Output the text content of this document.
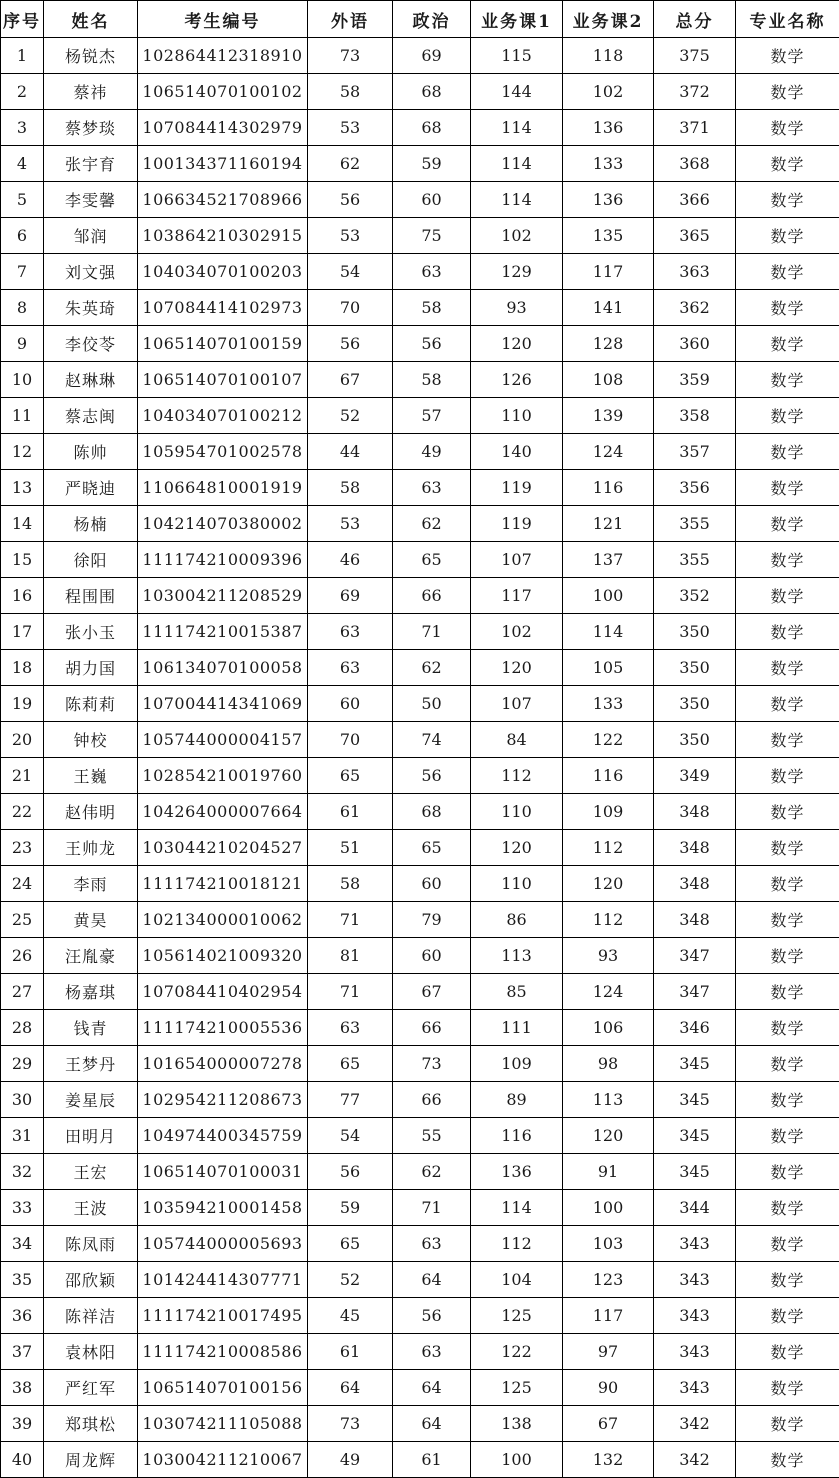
序号	姓名	考生编号	外语	政治	业务课1	业务课2	总分	专业名称
1	杨锐杰	102864412318910	73	69	115	118	375	数学
2	蔡祎	106514070100102	58	68	144	102	372	数学
3	蔡梦琰	107084414302979	53	68	114	136	371	数学
4	张宇育	100134371160194	62	59	114	133	368	数学
5	李雯馨	106634521708966	56	60	114	136	366	数学
6	邹润	103864210302915	53	75	102	135	365	数学
7	刘文强	104034070100203	54	63	129	117	363	数学
8	朱英琦	107084414102973	70	58	93	141	362	数学
9	李佼苓	106514070100159	56	56	120	128	360	数学
10	赵琳琳	106514070100107	67	58	126	108	359	数学
11	蔡志闽	104034070100212	52	57	110	139	358	数学
12	陈帅	105954701002578	44	49	140	124	357	数学
13	严晓迪	110664810001919	58	63	119	116	356	数学
14	杨楠	104214070380002	53	62	119	121	355	数学
15	徐阳	111174210009396	46	65	107	137	355	数学
16	程围围	103004211208529	69	66	117	100	352	数学
17	张小玉	111174210015387	63	71	102	114	350	数学
18	胡力国	106134070100058	63	62	120	105	350	数学
19	陈莉莉	107004414341069	60	50	107	133	350	数学
20	钟校	105744000004157	70	74	84	122	350	数学
21	王巍	102854210019760	65	56	112	116	349	数学
22	赵伟明	104264000007664	61	68	110	109	348	数学
23	王帅龙	103044210204527	51	65	120	112	348	数学
24	李雨	111174210018121	58	60	110	120	348	数学
25	黄昊	102134000010062	71	79	86	112	348	数学
26	汪胤豪	105614021009320	81	60	113	93	347	数学
27	杨嘉琪	107084410402954	71	67	85	124	347	数学
28	钱青	111174210005536	63	66	111	106	346	数学
29	王梦丹	101654000007278	65	73	109	98	345	数学
30	姜星辰	102954211208673	77	66	89	113	345	数学
31	田明月	104974400345759	54	55	116	120	345	数学
32	王宏	106514070100031	56	62	136	91	345	数学
33	王波	103594210001458	59	71	114	100	344	数学
34	陈凤雨	105744000005693	65	63	112	103	343	数学
35	邵欣颖	101424414307771	52	64	104	123	343	数学
36	陈祥洁	111174210017495	45	56	125	117	343	数学
37	袁林阳	111174210008586	61	63	122	97	343	数学
38	严红军	106514070100156	64	64	125	90	343	数学
39	郑琪松	103074211105088	73	64	138	67	342	数学
40	周龙辉	103004211210067	49	61	100	132	342	数学
